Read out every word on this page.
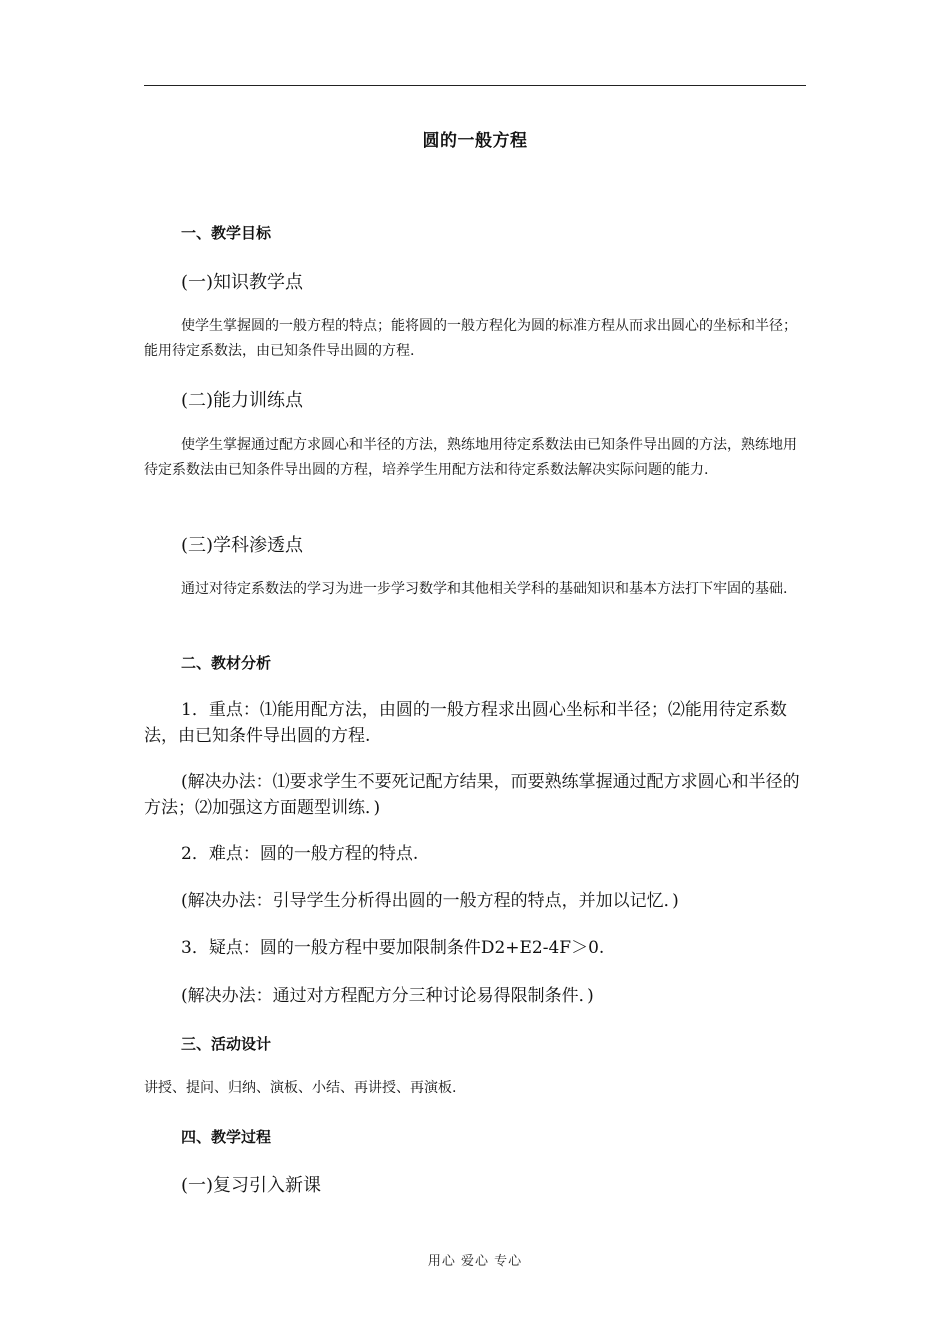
圆的一般方程
一、教学目标
(一)知识教学点
使学生掌握圆的一般方程的特点；能将圆的一般方程化为圆的标准方程从而求出圆心的坐标和半径；能用待定系数法，由已知条件导出圆的方程.
(二)能力训练点
使学生掌握通过配方求圆心和半径的方法，熟练地用待定系数法由已知条件导出圆的方法，熟练地用待定系数法由已知条件导出圆的方程，培养学生用配方法和待定系数法解决实际问题的能力.
(三)学科渗透点
通过对待定系数法的学习为进一步学习数学和其他相关学科的基础知识和基本方法打下牢固的基础.
二、教材分析
1．重点：⑴能用配方法，由圆的一般方程求出圆心坐标和半径；⑵能用待定系数法，由已知条件导出圆的方程.
(解决办法：⑴要求学生不要死记配方结果，而要熟练掌握通过配方求圆心和半径的方法；⑵加强这方面题型训练．)
2．难点：圆的一般方程的特点.
(解决办法：引导学生分析得出圆的一般方程的特点，并加以记忆．)
3．疑点：圆的一般方程中要加限制条件D2+E2-4F＞0.
(解决办法：通过对方程配方分三种讨论易得限制条件．)
三、活动设计
讲授、提问、归纳、演板、小结、再讲授、再演板.
四、教学过程
(一)复习引入新课
用心 爱心 专心
